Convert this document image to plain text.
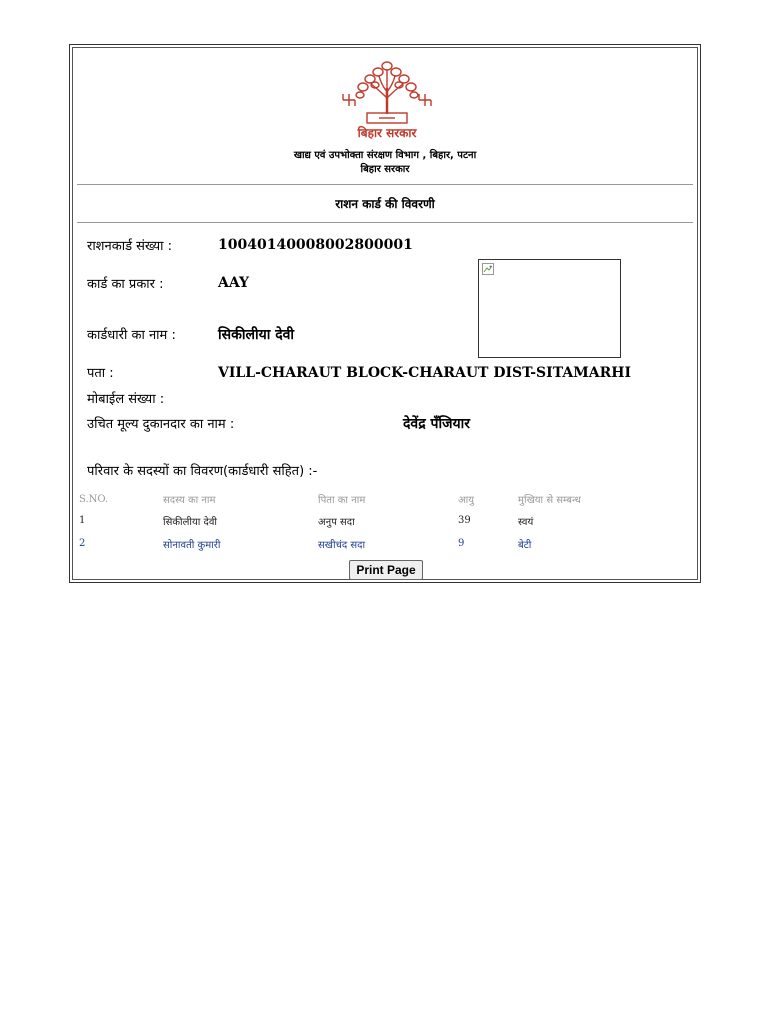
बिहार सरकार
खाद्य एवं उपभोक्ता संरक्षण विभाग , बिहार, पटना
बिहार सरकार
राशन कार्ड की विवरणी
राशनकार्ड संख्या :	10040140008002800001
कार्ड का प्रकार :	AAY
कार्डधारी का नाम :	सिकीलीया देवी
पता :	VILL-CHARAUT BLOCK-CHARAUT DIST-SITAMARHI
मोबाईल संख्या :
उचित मूल्य दुकानदार का नाम :	देवेंद्र पँजियार
परिवार के सदस्यों का विवरण(कार्डधारी सहित) :-
S.NO.	सदस्य का नाम	पिता का नाम	आयु	मुखिया से सम्बन्ध
1	सिकीलीया देवी	अनुप सदा	39	स्वयं
2	सोनावती कुमारी	सखीचंद सदा	9	बेटी
Print Page
